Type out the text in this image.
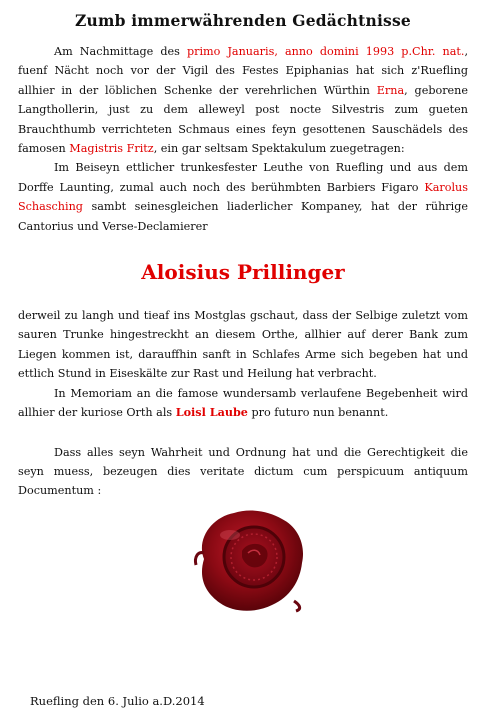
Zumb immerwährenden Gedächtnisse

Am Nachmittage des primo Januaris, anno domini 1993 p.Chr. nat., fuenf Nächt noch vor der Vigil des Festes Epiphanias hat sich z'Ruefling allhier in der löblichen Schenke der verehrlichen Würthin Erna, geborene Langthollerin, just zu dem alleweyl post nocte Silvestris zum gueten Brauchthumb verrichteten Schmaus eines feyn gesottenen Sauschädels des famosen Magistris Fritz, ein gar seltsam Spektakulum zuegetragen:

Im Beiseyn ettlicher trunkesfester Leuthe von Ruefling und aus dem Dorffe Launting, zumal auch noch des berühmbten Barbiers Figaro Karolus Schasching sambt seinesgleichen liaderlicher Kompaney, hat der rührige Cantorius und Verse-Declamierer

Aloisius Prillinger

derweil zu langh und tieaf ins Mostglas gschaut, dass der Selbige zuletzt vom sauren Trunke hingestreckht an diesem Orthe, allhier auf derer Bank zum Liegen kommen ist, darauffhin sanft in Schlafes Arme sich begeben hat und ettlich Stund in Eiseskälte zur Rast und Heilung hat verbracht.

In Memoriam an die famose wundersamb verlaufene Begebenheit wird allhier der kuriose Orth als Loisl Laube pro futuro nun benannt.

Dass alles seyn Wahrheit und Ordnung hat und die Gerechtigkeit die seyn muess, bezeugen dies veritate dictum cum perspicuum antiquum Documentum :

Ruefling den 6. Julio a.D.2014
